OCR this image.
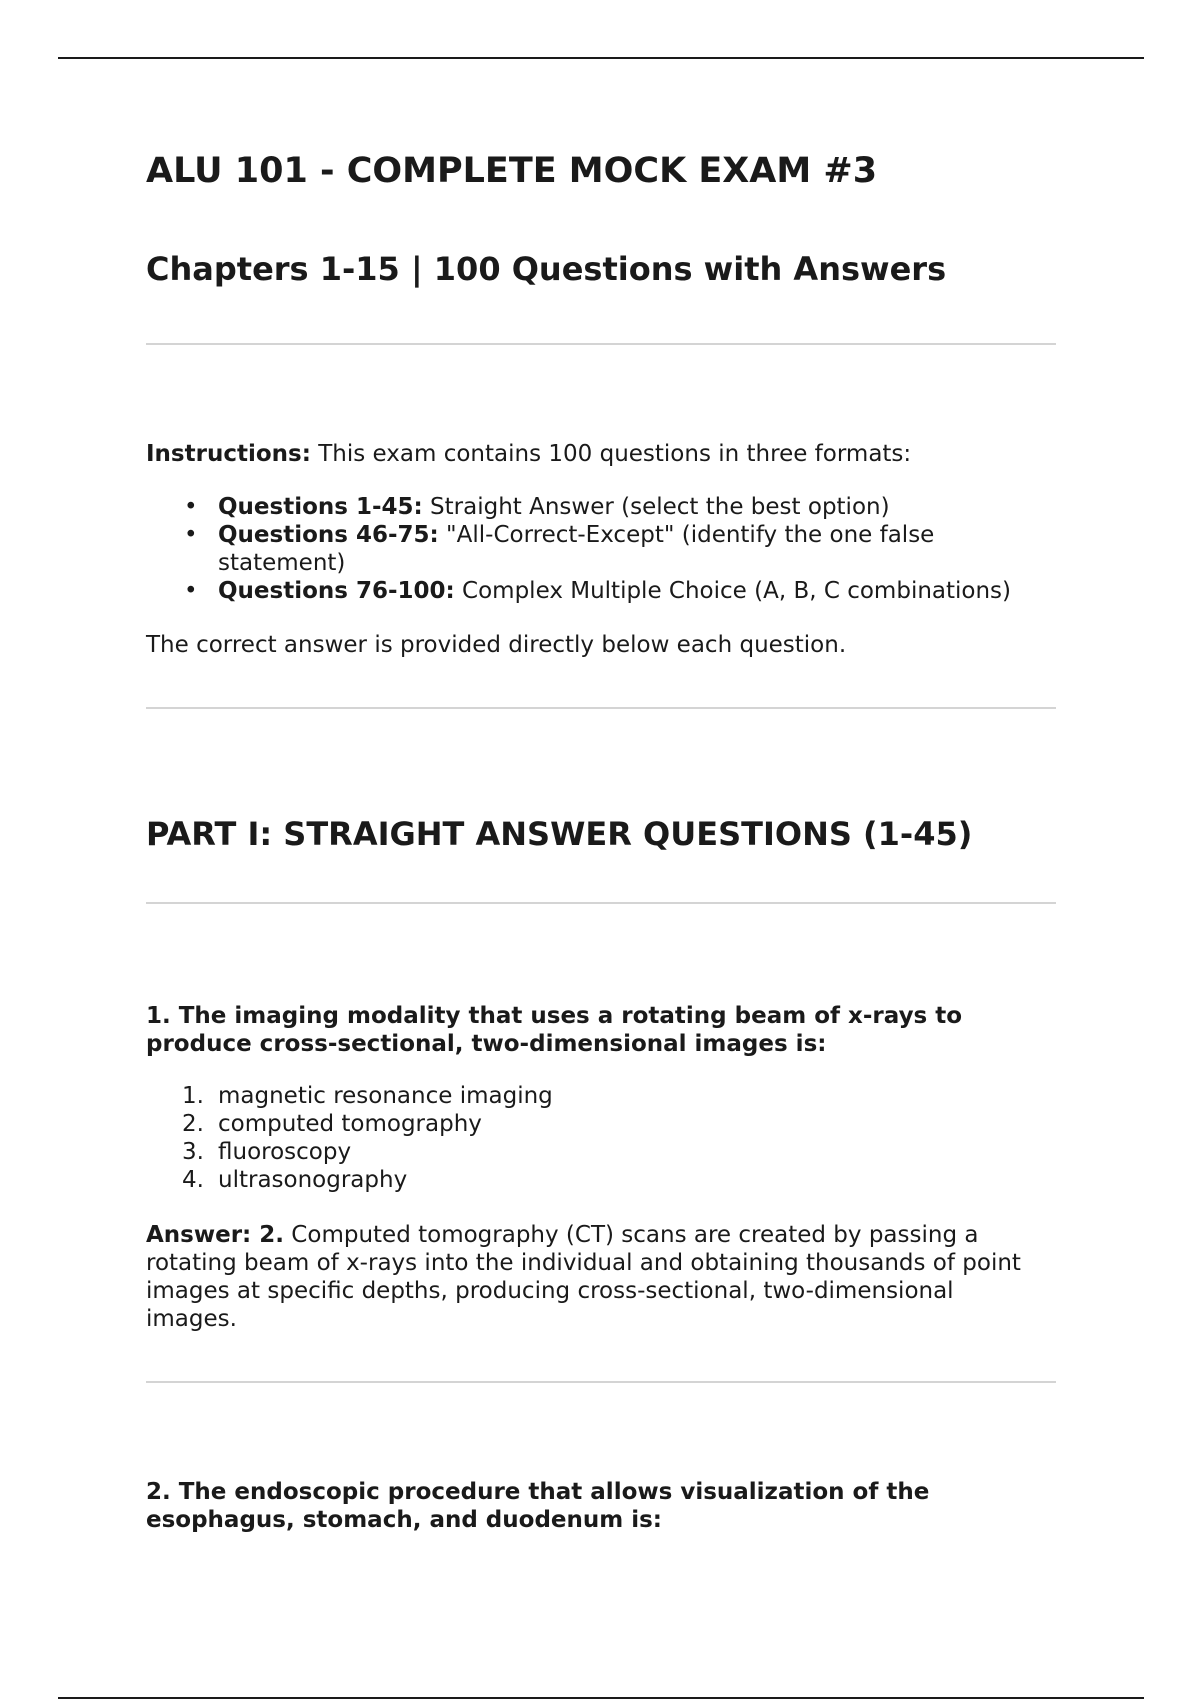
ALU 101 - COMPLETE MOCK EXAM #3
Chapters 1-15 | 100 Questions with Answers

Instructions: This exam contains 100 questions in three formats:

• Questions 1-45: Straight Answer (select the best option)
• Questions 46-75: "All-Correct-Except" (identify the one false statement)
• Questions 76-100: Complex Multiple Choice (A, B, C combinations)

The correct answer is provided directly below each question.

PART I: STRAIGHT ANSWER QUESTIONS (1-45)

1. The imaging modality that uses a rotating beam of x-rays to produce cross-sectional, two-dimensional images is:

1. magnetic resonance imaging
2. computed tomography
3. fluoroscopy
4. ultrasonography

Answer: 2. Computed tomography (CT) scans are created by passing a rotating beam of x-rays into the individual and obtaining thousands of point images at specific depths, producing cross-sectional, two-dimensional images.

2. The endoscopic procedure that allows visualization of the esophagus, stomach, and duodenum is:
